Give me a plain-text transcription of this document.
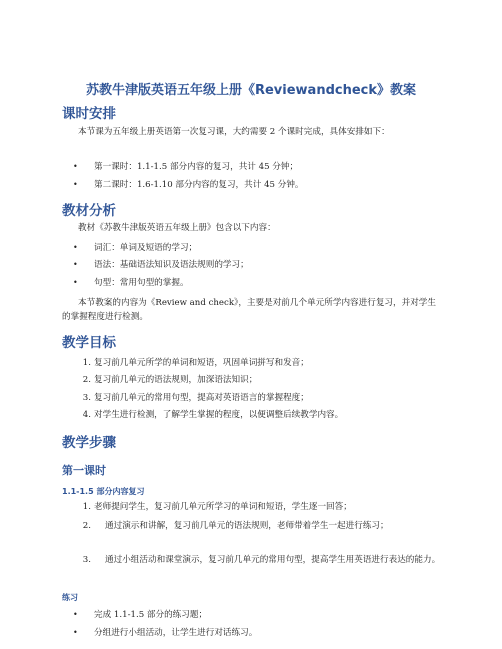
苏教牛津版英语五年级上册《Reviewandcheck》教案
课时安排

本节课为五年级上册英语第一次复习课，大约需要 2 个课时完成，具体安排如下：

• 第一课时：1.1-1.5 部分内容的复习，共计 45 分钟；

• 第二课时：1.6-1.10 部分内容的复习，共计 45 分钟。

教材分析

教材《苏教牛津版英语五年级上册》包含以下内容：

• 词汇：单词及短语的学习；

• 语法：基础语法知识及语法规则的学习；

• 句型：常用句型的掌握。

本节教案的内容为《Review and check》，主要是对前几个单元所学内容进行复习，并对学生的掌握程度进行检测。

教学目标
1. 复习前几单元所学的单词和短语，巩固单词拼写和发音；

2. 复习前几单元的语法规则，加深语法知识；

3. 复习前几单元的常用句型，提高对英语语言的掌握程度；

4. 对学生进行检测，了解学生掌握的程度，以便调整后续教学内容。

教学步骤
第一课时
1.1-1.5 部分内容复习
1. 老师提问学生，复习前几单元所学习的单词和短语，学生逐一回答；

2.	通过演示和讲解，复习前几单元的语法规则，老师带着学生一起进行练习；

3.	通过小组活动和课堂演示，复习前几单元的常用句型，提高学生用英语进行表达的能力。

练习
• 完成 1.1-1.5 部分的练习题；

• 分组进行小组活动，让学生进行对话练习。
